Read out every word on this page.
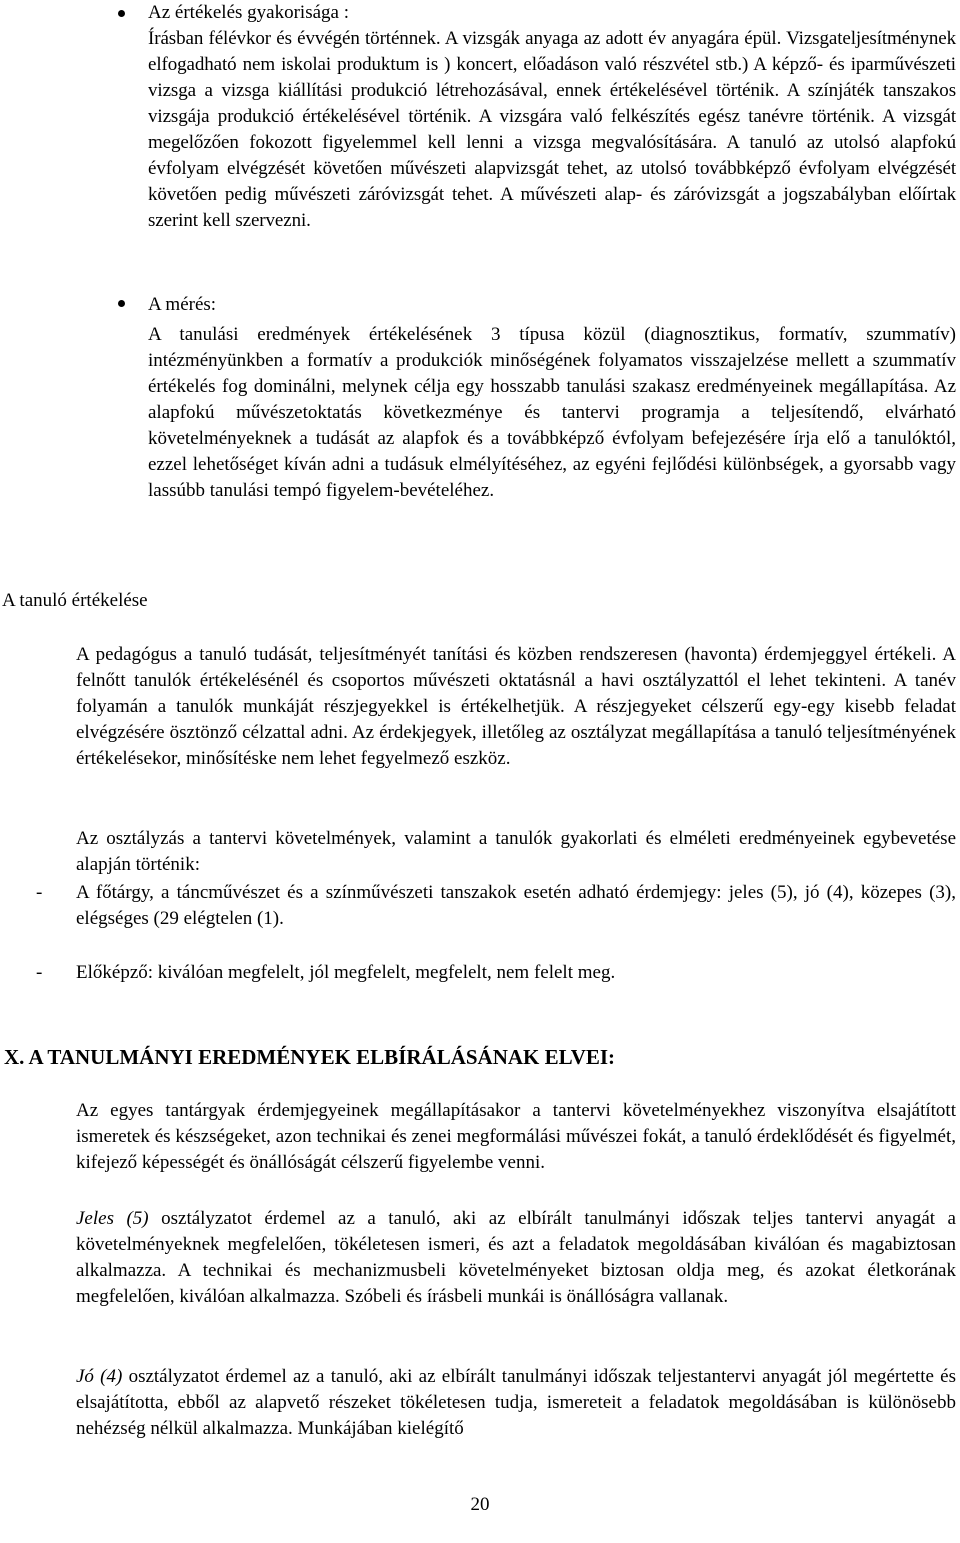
Az értékelés gyakorisága :

Írásban félévkor és évvégén történnek. A vizsgák anyaga az adott év anyagára épül. Vizsgateljesítménynek elfogadható nem iskolai produktum is ) koncert, előadáson való részvétel stb.) A képző- és iparművészeti vizsga a vizsga kiállítási produkció létrehozásával, ennek értékelésével történik. A színjáték tanszakos vizsgája produkció értékelésével történik. A vizsgára való felkészítés egész tanévre történik. A vizsgát megelőzően fokozott figyelemmel kell lenni a vizsga megvalósítására. A tanuló az utolsó alapfokú évfolyam elvégzését követően művészeti alapvizsgát tehet, az utolsó továbbképző évfolyam elvégzését követően pedig művészeti záróvizsgát tehet. A művészeti alap- és záróvizsgát a jogszabályban előírtak szerint kell szervezni.

A mérés:

A tanulási eredmények értékelésének 3 típusa közül (diagnosztikus, formatív, szummatív) intézményünkben a formatív a produkciók minőségének folyamatos visszajelzése mellett a szummatív értékelés fog dominálni, melynek célja egy hosszabb tanulási szakasz eredményeinek megállapítása. Az alapfokú művészetoktatás következménye és tantervi programja a teljesítendő, elvárható követelményeknek a tudását az alapfok és a továbbképző évfolyam befejezésére írja elő a tanulóktól, ezzel lehetőséget kíván adni a tudásuk elmélyítéséhez, az egyéni fejlődési különbségek, a gyorsabb vagy lassúbb tanulási tempó figyelem-bevételéhez.

A tanuló értékelése
A pedagógus a tanuló tudását, teljesítményét tanítási és közben rendszeresen (havonta) érdemjeggyel értékeli. A felnőtt tanulók értékelésénél és csoportos művészeti oktatásnál a havi osztályzattól el lehet tekinteni. A tanév folyamán a tanulók munkáját részjegyekkel is értékelhetjük. A részjegyeket célszerű egy-egy kisebb feladat elvégzésére ösztönző célzattal adni. Az érdekjegyek, illetőleg az osztályzat megállapítása a tanuló teljesítményének értékelésekor, minősítéske nem lehet fegyelmező eszköz.
Az osztályzás a tantervi követelmények, valamint a tanulók gyakorlati és elméleti eredményeinek egybevetése alapján történik:
- A főtárgy, a táncművészet és a színművészeti tanszakok esetén adható érdemjegy: jeles (5), jó (4), közepes (3), elégséges (29 elégtelen (1).
- Előképző: kiválóan megfelelt, jól megfelelt, megfelelt, nem felelt meg.
X. A TANULMÁNYI EREDMÉNYEK ELBÍRÁLÁSÁNAK ELVEI:
Az egyes tantárgyak érdemjegyeinek megállapításakor a tantervi követelményekhez viszonyítva elsajátított ismeretek és készségeket, azon technikai és zenei megformálási művészei fokát, a tanuló érdeklődését és figyelmét, kifejező képességét és önállóságát célszerű figyelembe venni.
Jeles (5) osztályzatot érdemel az a tanuló, aki az elbírált tanulmányi időszak teljes tantervi anyagát a követelményeknek megfelelően, tökéletesen ismeri, és azt a feladatok megoldásában kiválóan és magabiztosan alkalmazza. A technikai és mechanizmusbeli követelményeket biztosan oldja meg, és azokat életkorának megfelelően, kiválóan alkalmazza. Szóbeli és írásbeli munkái is önállóságra vallanak.
Jó (4) osztályzatot érdemel az a tanuló, aki az elbírált tanulmányi időszak teljestantervi anyagát jól megértette és elsajátította, ebből az alapvető részeket tökéletesen tudja, ismereteit a feladatok megoldásában is különösebb nehézség nélkül alkalmazza. Munkájában kielégítő
20
